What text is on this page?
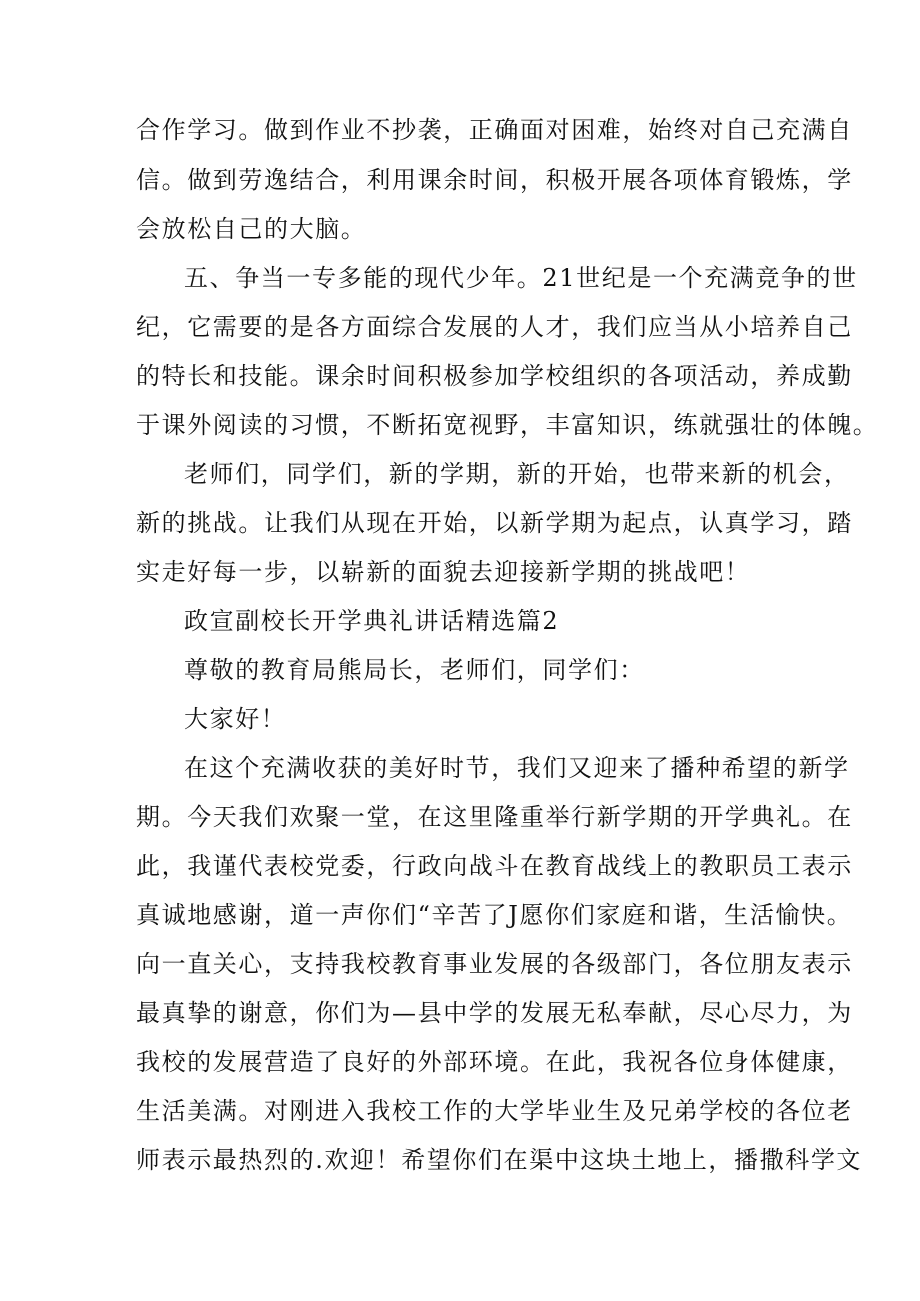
合作学习。做到作业不抄袭，正确面对困难，始终对自己充满自

信。做到劳逸结合，利用课余时间，积极开展各项体育锻炼，学

会放松自己的大脑。

五、争当一专多能的现代少年。21世纪是一个充满竞争的世

纪，它需要的是各方面综合发展的人才，我们应当从小培养自己

的特长和技能。课余时间积极参加学校组织的各项活动，养成勤

于课外阅读的习惯，不断拓宽视野，丰富知识，练就强壮的体魄。

老师们，同学们，新的学期，新的开始，也带来新的机会，

新的挑战。让我们从现在开始，以新学期为起点，认真学习，踏

实走好每一步，以崭新的面貌去迎接新学期的挑战吧！

政宣副校长开学典礼讲话精选篇2

尊敬的教育局熊局长，老师们，同学们：

大家好！

在这个充满收获的美好时节，我们又迎来了播种希望的新学

期。今天我们欢聚一堂，在这里隆重举行新学期的开学典礼。在

此，我谨代表校党委，行政向战斗在教育战线上的教职员工表示

真诚地感谢，道一声你们“辛苦了J愿你们家庭和谐，生活愉快。

向一直关心，支持我校教育事业发展的各级部门，各位朋友表示

最真挚的谢意，你们为—县中学的发展无私奉献，尽心尽力，为

我校的发展营造了良好的外部环境。在此，我祝各位身体健康，

生活美满。对刚进入我校工作的大学毕业生及兄弟学校的各位老

师表示最热烈的.欢迎！希望你们在渠中这块土地上，播撒科学文
